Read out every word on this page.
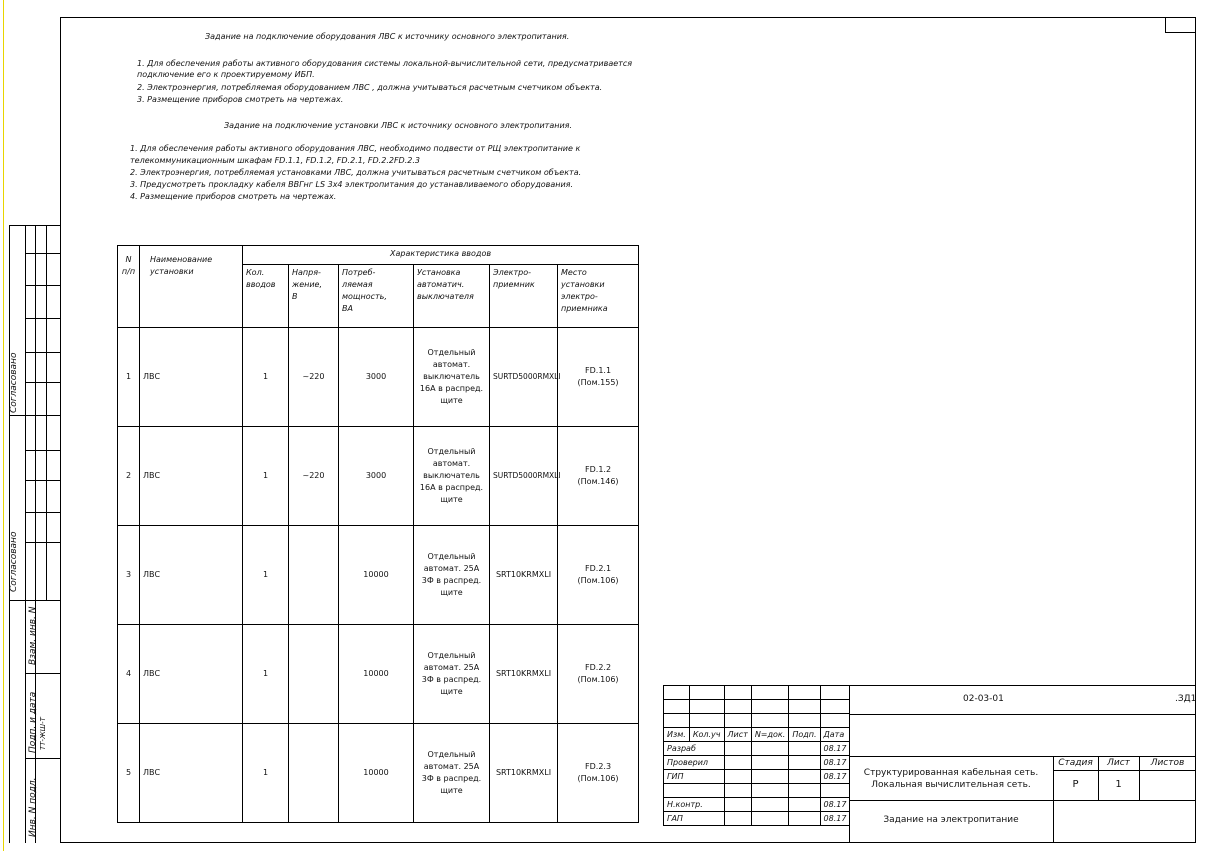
Согласовано
Согласовано
Взам. инв. N
Подп. и дата ТТ-ЖШ-Т
Инв. N подл.
Задание на подключение оборудования ЛВС к источнику основного электропитания.
1. Для обеспечения работы активного оборудования системы локальной-вычислительной сети, предусматривается
подключение его к проектируемому ИБП.
2. Электроэнергия, потребляемая оборудованием ЛВС , должна учитываться расчетным счетчиком объекта.
3. Размещение приборов смотреть на чертежах.
Задание на подключение установки ЛВС к источнику основного электропитания.
1. Для обеспечения работы активного оборудования ЛВС, необходимо подвести от РЩ электропитание к
телекоммуникационным шкафам FD.1.1, FD.1.2, FD.2.1, FD.2.2FD.2.3
2. Электроэнергия, потребляемая установками ЛВС, должна учитываться расчетным счетчиком объекта.
3. Предусмотреть прокладку кабеля ВВГнг LS 3х4 электропитания до устанавливаемого оборудования.
4. Размещение приборов смотреть на чертежах.
N
п/п	Наименование
установки	Характеристика вводов					
		Кол.
вводов	Напря-
жение,
В	Потреб-
ляемая
мощность,
ВА	Установка
автоматич.
выключателя	Электро-
приемник	Место
установки
электро-
приемника
1	ЛВС	1	~220	3000	Отдельный
автомат.
выключатель
16А в распред.
щите	SURTD5000RMXLI	FD.1.1
(Пом.155)
2	ЛВС	1	~220	3000	Отдельный
автомат.
выключатель
16А в распред.
щите	SURTD5000RMXLI	FD.1.2
(Пом.146)
3	ЛВС	1		10000	Отдельный
автомат. 25А
3Ф в распред.
щите	SRT10KRMXLI	FD.2.1
(Пом.106)
4	ЛВС	1		10000	Отдельный
автомат. 25А
3Ф в распред.
щите	SRT10KRMXLI	FD.2.2
(Пом.106)
5	ЛВС	1		10000	Отдельный
автомат. 25А
3Ф в распред.
щите	SRT10KRMXLI	FD.2.3
(Пом.106)

Изм.	Кол.уч	Лист	N=док.	Подп.	Дата
Разраб					08.17
Проверил					08.17
ГИП					08.17

Н.контр.					08.17
ГАП					08.17
02-03-01	.ЗД1
Структурированная кабельная сеть.
Локальная вычислительная сеть.
Стадия	Лист	Листов
Р	1
Задание на электропитание
